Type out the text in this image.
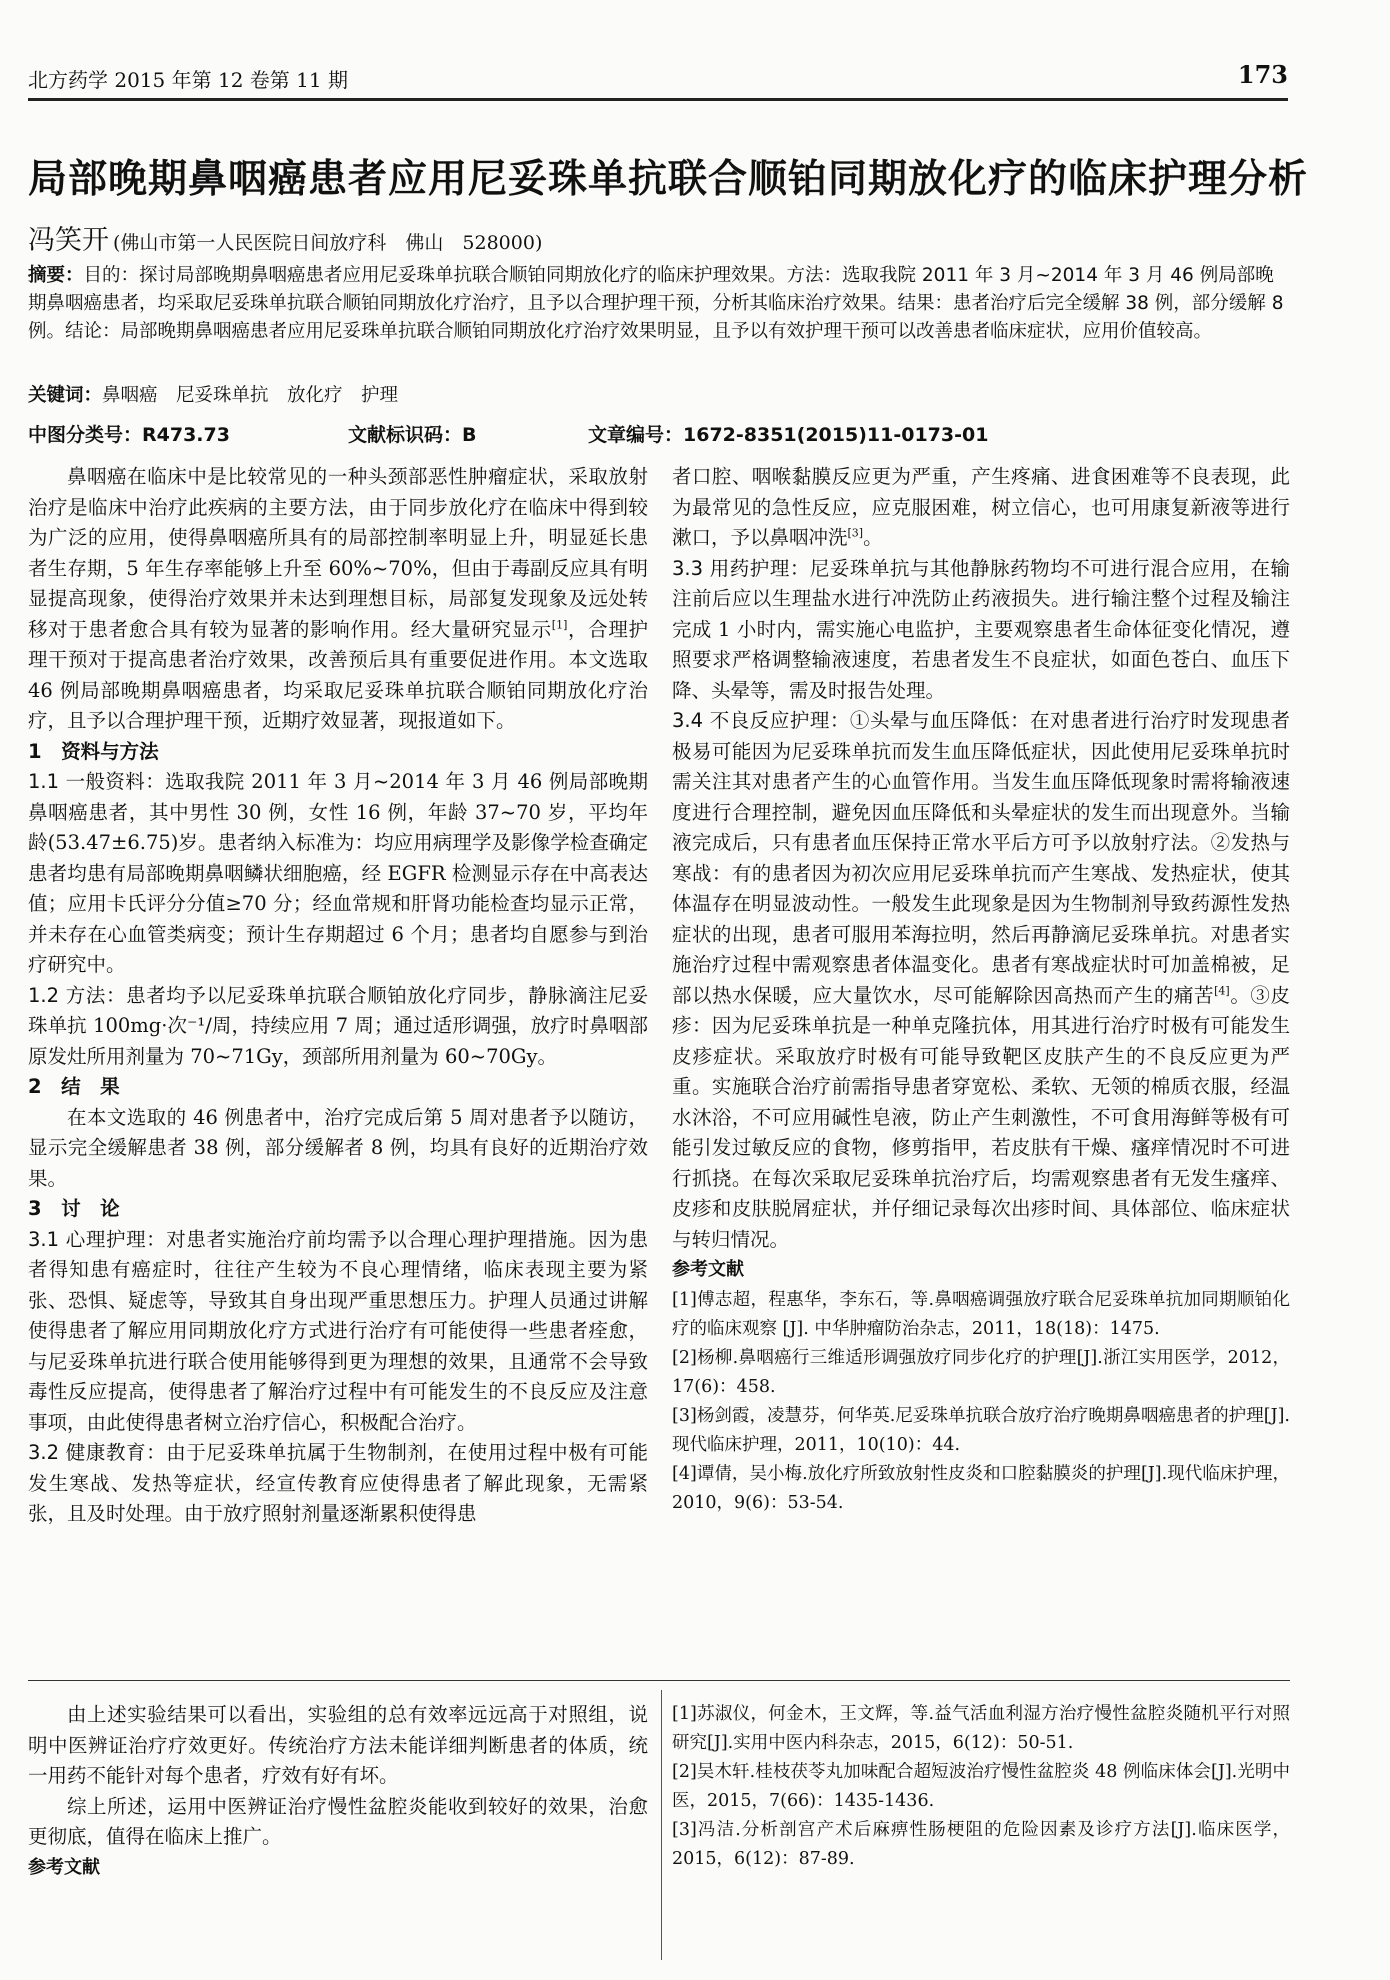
北方药学 2015 年第 12 卷第 11 期	173
局部晚期鼻咽癌患者应用尼妥珠单抗联合顺铂同期放化疗的临床护理分析
冯笑开 (佛山市第一人民医院日间放疗科　佛山　528000)
摘要：目的：探讨局部晚期鼻咽癌患者应用尼妥珠单抗联合顺铂同期放化疗的临床护理效果。方法：选取我院 2011 年 3 月~2014 年 3 月 46 例局部晚期鼻咽癌患者，均采取尼妥珠单抗联合顺铂同期放化疗治疗，且予以合理护理干预，分析其临床治疗效果。结果：患者治疗后完全缓解 38 例，部分缓解 8 例。结论：局部晚期鼻咽癌患者应用尼妥珠单抗联合顺铂同期放化疗治疗效果明显，且予以有效护理干预可以改善患者临床症状，应用价值较高。
关键词：鼻咽癌　尼妥珠单抗　放化疗　护理
中图分类号：R473.73	文献标识码：B	文章编号：1672-8351(2015)11-0173-01

鼻咽癌在临床中是比较常见的一种头颈部恶性肿瘤症状，采取放射治疗是临床中治疗此疾病的主要方法，由于同步放化疗在临床中得到较为广泛的应用，使得鼻咽癌所具有的局部控制率明显上升，明显延长患者生存期，5 年生存率能够上升至 60%~70%，但由于毒副反应具有明显提高现象，使得治疗效果并未达到理想目标，局部复发现象及远处转移对于患者愈合具有较为显著的影响作用。经大量研究显示[1]，合理护理干预对于提高患者治疗效果，改善预后具有重要促进作用。本文选取 46 例局部晚期鼻咽癌患者，均采取尼妥珠单抗联合顺铂同期放化疗治疗，且予以合理护理干预，近期疗效显著，现报道如下。

1　资料与方法

1.1 一般资料：选取我院 2011 年 3 月~2014 年 3 月 46 例局部晚期鼻咽癌患者，其中男性 30 例，女性 16 例，年龄 37~70 岁，平均年龄(53.47±6.75)岁。患者纳入标准为：均应用病理学及影像学检查确定患者均患有局部晚期鼻咽鳞状细胞癌，经 EGFR 检测显示存在中高表达值；应用卡氏评分分值≥70 分；经血常规和肝肾功能检查均显示正常，并未存在心血管类病变；预计生存期超过 6 个月；患者均自愿参与到治疗研究中。

1.2 方法：患者均予以尼妥珠单抗联合顺铂放化疗同步，静脉滴注尼妥珠单抗 100mg·次⁻¹/周，持续应用 7 周；通过适形调强，放疗时鼻咽部原发灶所用剂量为 70~71Gy，颈部所用剂量为 60~70Gy。

2　结　果

在本文选取的 46 例患者中，治疗完成后第 5 周对患者予以随访，显示完全缓解患者 38 例，部分缓解者 8 例，均具有良好的近期治疗效果。

3　讨　论

3.1 心理护理：对患者实施治疗前均需予以合理心理护理措施。因为患者得知患有癌症时，往往产生较为不良心理情绪，临床表现主要为紧张、恐惧、疑虑等，导致其自身出现严重思想压力。护理人员通过讲解使得患者了解应用同期放化疗方式进行治疗有可能使得一些患者痊愈，与尼妥珠单抗进行联合使用能够得到更为理想的效果，且通常不会导致毒性反应提高，使得患者了解治疗过程中有可能发生的不良反应及注意事项，由此使得患者树立治疗信心，积极配合治疗。

3.2 健康教育：由于尼妥珠单抗属于生物制剂，在使用过程中极有可能发生寒战、发热等症状，经宣传教育应使得患者了解此现象，无需紧张，且及时处理。由于放疗照射剂量逐渐累积使得患

者口腔、咽喉黏膜反应更为严重，产生疼痛、进食困难等不良表现，此为最常见的急性反应，应克服困难，树立信心，也可用康复新液等进行漱口，予以鼻咽冲洗[3]。

3.3 用药护理：尼妥珠单抗与其他静脉药物均不可进行混合应用，在输注前后应以生理盐水进行冲洗防止药液损失。进行输注整个过程及输注完成 1 小时内，需实施心电监护，主要观察患者生命体征变化情况，遵照要求严格调整输液速度，若患者发生不良症状，如面色苍白、血压下降、头晕等，需及时报告处理。

3.4 不良反应护理：①头晕与血压降低：在对患者进行治疗时发现患者极易可能因为尼妥珠单抗而发生血压降低症状，因此使用尼妥珠单抗时需关注其对患者产生的心血管作用。当发生血压降低现象时需将输液速度进行合理控制，避免因血压降低和头晕症状的发生而出现意外。当输液完成后，只有患者血压保持正常水平后方可予以放射疗法。②发热与寒战：有的患者因为初次应用尼妥珠单抗而产生寒战、发热症状，使其体温存在明显波动性。一般发生此现象是因为生物制剂导致药源性发热症状的出现，患者可服用苯海拉明，然后再静滴尼妥珠单抗。对患者实施治疗过程中需观察患者体温变化。患者有寒战症状时可加盖棉被，足部以热水保暖，应大量饮水，尽可能解除因高热而产生的痛苦[4]。③皮疹：因为尼妥珠单抗是一种单克隆抗体，用其进行治疗时极有可能发生皮疹症状。采取放疗时极有可能导致靶区皮肤产生的不良反应更为严重。实施联合治疗前需指导患者穿宽松、柔软、无领的棉质衣服，经温水沐浴，不可应用碱性皂液，防止产生刺激性，不可食用海鲜等极有可能引发过敏反应的食物，修剪指甲，若皮肤有干燥、瘙痒情况时不可进行抓挠。在每次采取尼妥珠单抗治疗后，均需观察患者有无发生瘙痒、皮疹和皮肤脱屑症状，并仔细记录每次出疹时间、具体部位、临床症状与转归情况。

参考文献

[1]傅志超，程惠华，李东石，等.鼻咽癌调强放疗联合尼妥珠单抗加同期顺铂化疗的临床观察 [J]. 中华肿瘤防治杂志，2011，18(18)：1475.

[2]杨柳.鼻咽癌行三维适形调强放疗同步化疗的护理[J].浙江实用医学，2012，17(6)：458.

[3]杨剑霞，凌慧芬，何华英.尼妥珠单抗联合放疗治疗晚期鼻咽癌患者的护理[J].现代临床护理，2011，10(10)：44.

[4]谭倩，吴小梅.放化疗所致放射性皮炎和口腔黏膜炎的护理[J].现代临床护理，2010，9(6)：53-54.

由上述实验结果可以看出，实验组的总有效率远远高于对照组，说明中医辨证治疗疗效更好。传统治疗方法未能详细判断患者的体质，统一用药不能针对每个患者，疗效有好有坏。

综上所述，运用中医辨证治疗慢性盆腔炎能收到较好的效果，治愈更彻底，值得在临床上推广。

参考文献

[1]苏淑仪，何金木，王文辉，等.益气活血利湿方治疗慢性盆腔炎随机平行对照研究[J].实用中医内科杂志，2015，6(12)：50-51.

[2]吴木轩.桂枝茯苓丸加味配合超短波治疗慢性盆腔炎 48 例临床体会[J].光明中医，2015，7(66)：1435-1436.

[3]冯洁.分析剖宫产术后麻痹性肠梗阻的危险因素及诊疗方法[J].临床医学，2015，6(12)：87-89.
